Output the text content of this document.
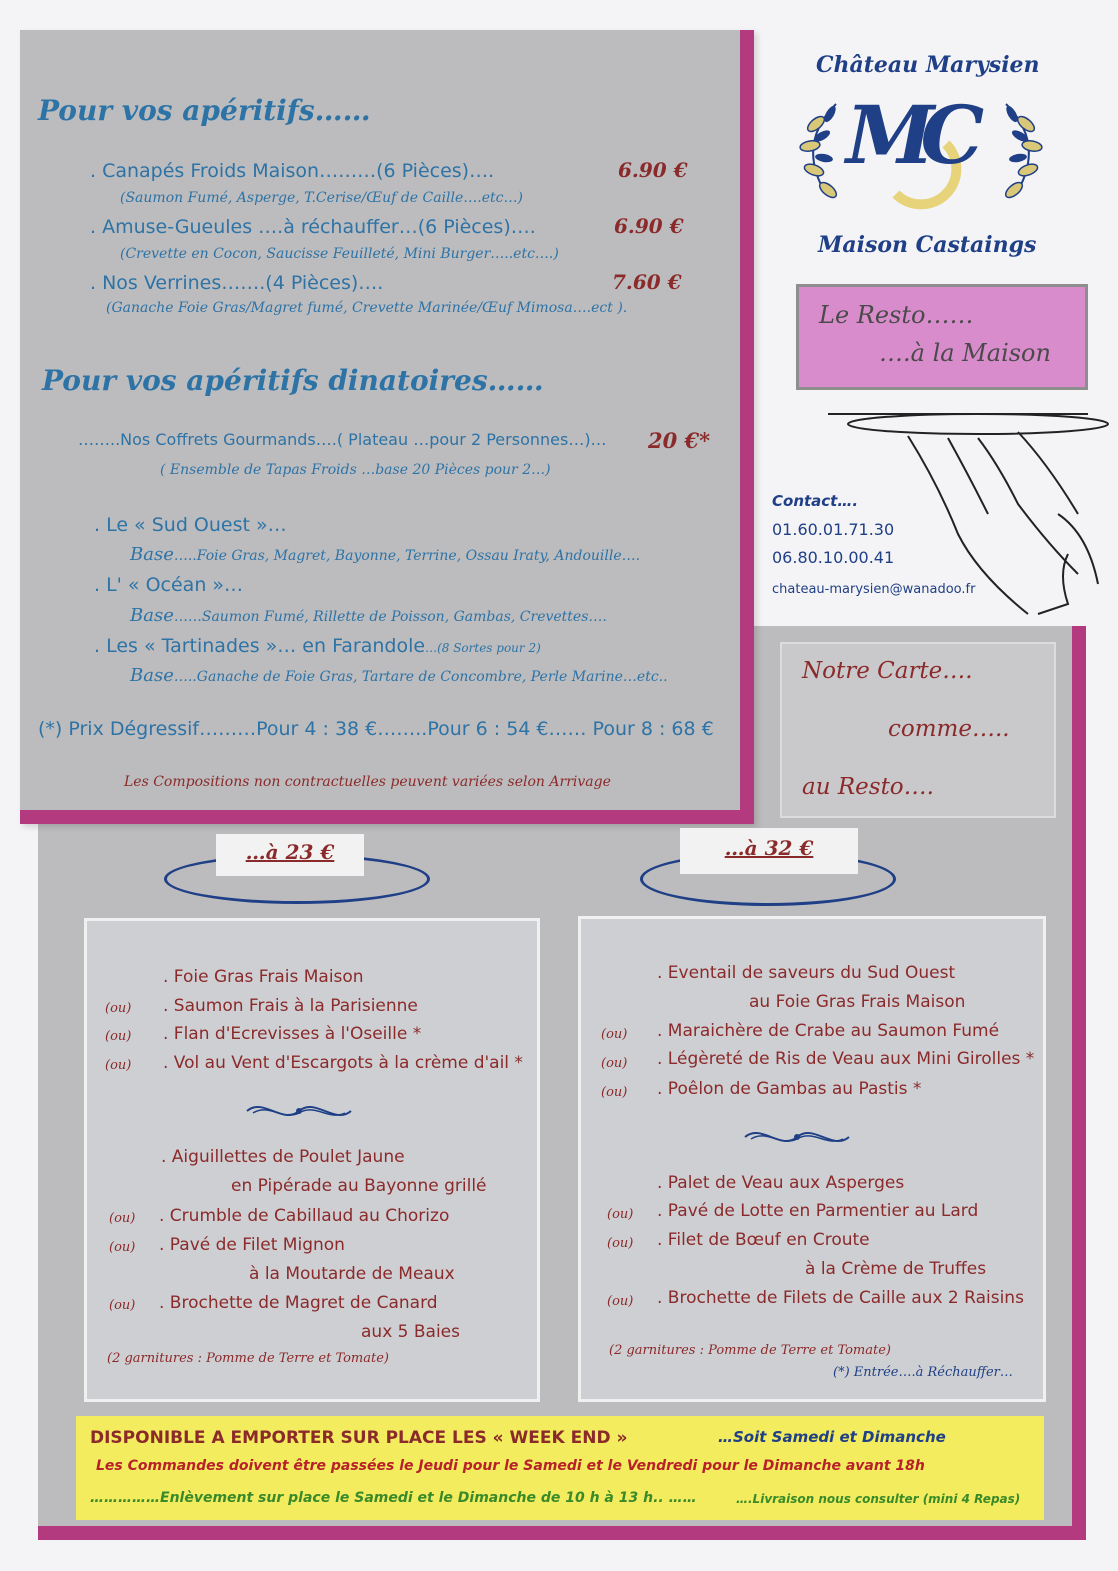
Pour vos apéritifs……
. Canapés Froids Maison………(6 Pièces)….	6.90 €
(Saumon Fumé, Asperge, T.Cerise/Œuf de Caille….etc…)
. Amuse-Gueules ….à réchauffer…(6 Pièces)….	6.90 €
(Crevette en Cocon, Saucisse Feuilleté, Mini Burger…..etc….)
. Nos Verrines…….(4 Pièces)….	7.60 €
(Ganache Foie Gras/Magret fumé, Crevette Marinée/Œuf Mimosa….ect ).
Pour vos apéritifs dinatoires……
……..Nos Coffrets Gourmands….( Plateau …pour 2 Personnes…)… 20 €*
( Ensemble de Tapas Froids …base 20 Pièces pour 2…)
. Le « Sud Ouest »…
Base…..Foie Gras, Magret, Bayonne, Terrine, Ossau Iraty, Andouille….
. L' « Océan »…
Base……Saumon Fumé, Rillette de Poisson, Gambas, Crevettes….
. Les « Tartinades »… en Farandole…(8 Sortes pour 2)
Base…..Ganache de Foie Gras, Tartare de Concombre, Perle Marine…etc..
(*) Prix Dégressif………Pour 4 : 38 €……..Pour 6 : 54 €…… Pour 8 : 68 €
Les Compositions non contractuelles peuvent variées selon Arrivage
Château Marysien
MC
Maison Castaings
Le Resto……
….à la Maison
Contact….
01.60.01.71.30
06.80.10.00.41
chateau-marysien@wanadoo.fr
Notre Carte….
comme…..
au Resto….
…à 23 €	…à 32 €
. Foie Gras Frais Maison
(ou) . Saumon Frais à la Parisienne
(ou) . Flan d'Ecrevisses à l'Oseille *
(ou) . Vol au Vent d'Escargots à la crème d'ail *
. Aiguillettes de Poulet Jaune
en Pipérade au Bayonne grillé
(ou) . Crumble de Cabillaud au Chorizo
(ou) . Pavé de Filet Mignon
à la Moutarde de Meaux
(ou) . Brochette de Magret de Canard
aux 5 Baies
(2 garnitures : Pomme de Terre et Tomate)
. Eventail de saveurs du Sud Ouest
au Foie Gras Frais Maison
(ou) . Maraichère de Crabe au Saumon Fumé
(ou) . Légèreté de Ris de Veau aux Mini Girolles *
(ou) . Poêlon de Gambas au Pastis *
. Palet de Veau aux Asperges
(ou) . Pavé de Lotte en Parmentier au Lard
(ou) . Filet de Bœuf en Croute
à la Crème de Truffes
(ou) . Brochette de Filets de Caille aux 2 Raisins
(2 garnitures : Pomme de Terre et Tomate)
(*) Entrée….à Réchauffer…
DISPONIBLE A EMPORTER SUR PLACE LES « WEEK END »	…Soit Samedi et Dimanche
Les Commandes doivent être passées le Jeudi pour le Samedi et le Vendredi pour le Dimanche avant 18h
……………Enlèvement sur place le Samedi et le Dimanche de 10 h à 13 h.. ……	….Livraison nous consulter (mini 4 Repas)
